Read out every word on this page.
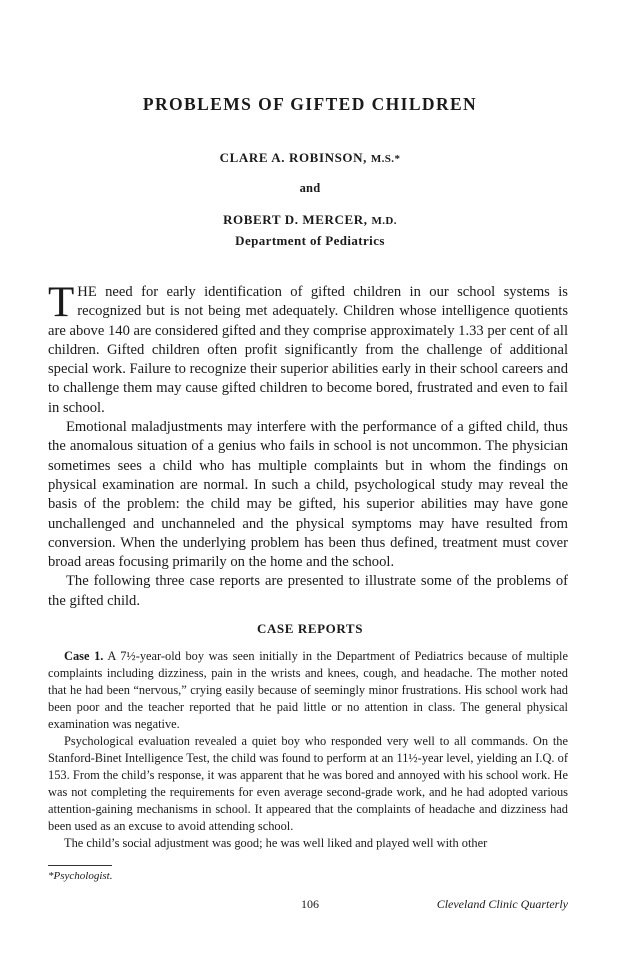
PROBLEMS OF GIFTED CHILDREN
CLARE A. ROBINSON, M.S.*
and
ROBERT D. MERCER, M.D.
Department of Pediatrics

THE need for early identification of gifted children in our school systems is recognized but is not being met adequately. Children whose intelligence quotients are above 140 are considered gifted and they comprise approximately 1.33 per cent of all children. Gifted children often profit significantly from the challenge of additional special work. Failure to recognize their superior abilities early in their school careers and to challenge them may cause gifted children to become bored, frustrated and even to fail in school.

Emotional maladjustments may interfere with the performance of a gifted child, thus the anomalous situation of a genius who fails in school is not uncommon. The physician sometimes sees a child who has multiple complaints but in whom the findings on physical examination are normal. In such a child, psychological study may reveal the basis of the problem: the child may be gifted, his superior abilities may have gone unchallenged and unchanneled and the physical symptoms may have resulted from conversion. When the underlying problem has been thus defined, treatment must cover broad areas focusing primarily on the home and the school.

The following three case reports are presented to illustrate some of the problems of the gifted child.

CASE REPORTS

Case 1. A 7½-year-old boy was seen initially in the Department of Pediatrics because of multiple complaints including dizziness, pain in the wrists and knees, cough, and headache. The mother noted that he had been “nervous,” crying easily because of seemingly minor frustrations. His school work had been poor and the teacher reported that he paid little or no attention in class. The general physical examination was negative.

Psychological evaluation revealed a quiet boy who responded very well to all commands. On the Stanford-Binet Intelligence Test, the child was found to perform at an 11½-year level, yielding an I.Q. of 153. From the child’s response, it was apparent that he was bored and annoyed with his school work. He was not completing the requirements for even average second-grade work, and he had adopted various attention-gaining mechanisms in school. It appeared that the complaints of headache and dizziness had been used as an excuse to avoid attending school.

The child’s social adjustment was good; he was well liked and played well with other

*Psychologist.
106	Cleveland Clinic Quarterly
